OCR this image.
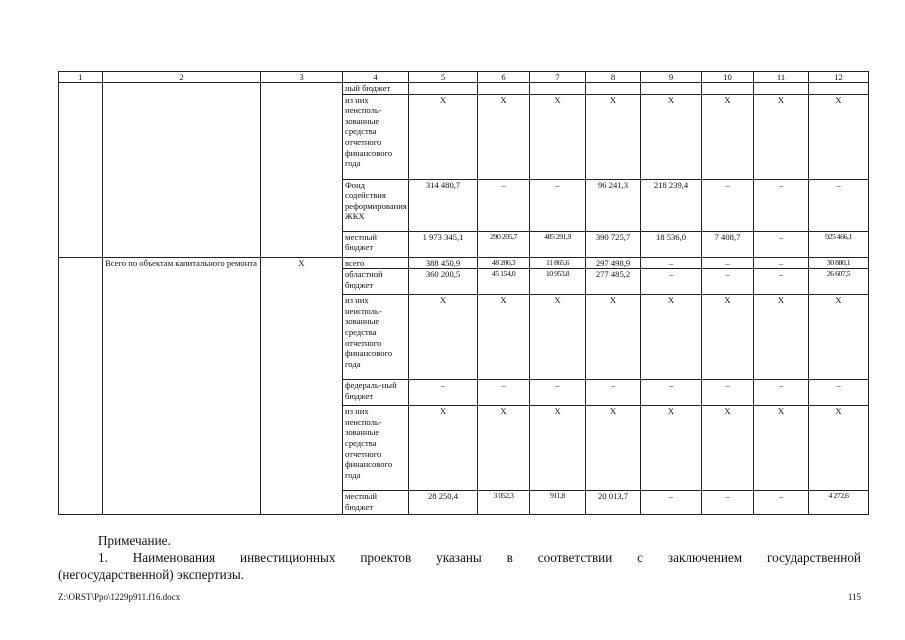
1	2	3	4	5	6	7	8	9	10	11	12
			ный бюджет								
			из них неисполь-зованные средства отчетного финансового года	X	X	X	X	X	X	X	X
			Фонд содействия реформирования ЖКХ	314 480,7	–	–	96 241,3	218 239,4	–	–	–
			местный бюджет	1 973 345,1	290 205,7	485 291,9	390 725,7	18 536,0	7 408,7	–	925 466,1
	Всего по объектам капитального ремонта	X	всего	388 450,9	48 206,3	11 865,6	297 498,9	–	–	–	30 880,1
			областной бюджет	360 200,5	45 154,0	10 953,8	277 485,2	–	–	–	26 607,5
			из них неисполь-зованные средства отчетного финансового года	X	X	X	X	X	X	X	X
			федераль-ный бюджет	–	–	–	–	–	–	–	–
			из них неисполь-зованные средства отчетного финансового года	X	X	X	X	X	X	X	X
			местный бюджет	28 250,4	3 052,3	911,8	20 013,7	–	–	–	4 272,6
Примечание.
1. Наименования инвестиционных проектов указаны в соответствии с заключением государственной
(негосударственной) экспертизы.
Z:\ORST\Ppo\1229p911.f16.docx	115
